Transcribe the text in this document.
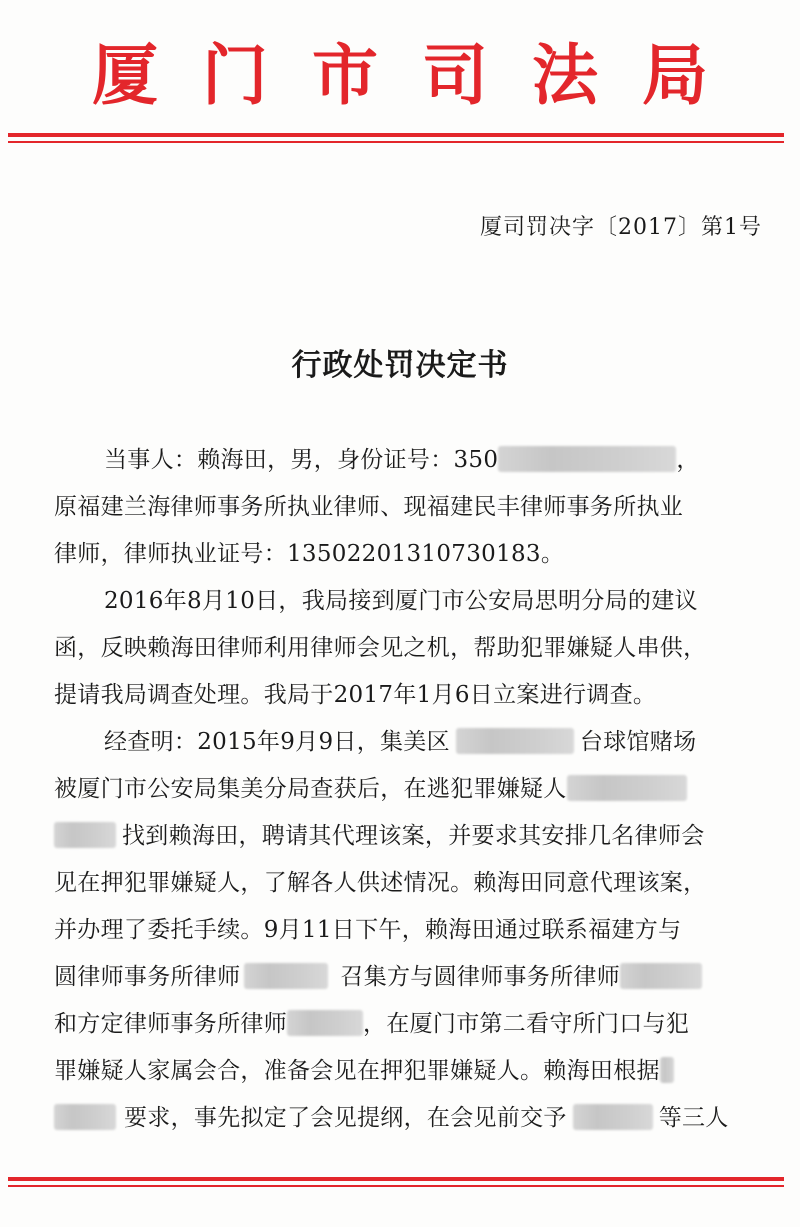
厦门市司法局
厦司罚决字〔2017〕第1号
行政处罚决定书
当事人：赖海田，男，身份证号：350	，
原福建兰海律师事务所执业律师、现福建民丰律师事务所执业
律师，律师执业证号：13502201310730183。
2016年8月10日，我局接到厦门市公安局思明分局的建议
函，反映赖海田律师利用律师会见之机，帮助犯罪嫌疑人串供，
提请我局调查处理。我局于2017年1月6日立案进行调查。
经查明：2015年9月9日，集美区	台球馆赌场
被厦门市公安局集美分局查获后，在逃犯罪嫌疑人
找到赖海田，聘请其代理该案，并要求其安排几名律师会
见在押犯罪嫌疑人，了解各人供述情况。赖海田同意代理该案，
并办理了委托手续。9月11日下午，赖海田通过联系福建方与
圆律师事务所律师	召集方与圆律师事务所律师
和方定律师事务所律师	，在厦门市第二看守所门口与犯
罪嫌疑人家属会合，准备会见在押犯罪嫌疑人。赖海田根据
要求，事先拟定了会见提纲，在会见前交予	等三人
